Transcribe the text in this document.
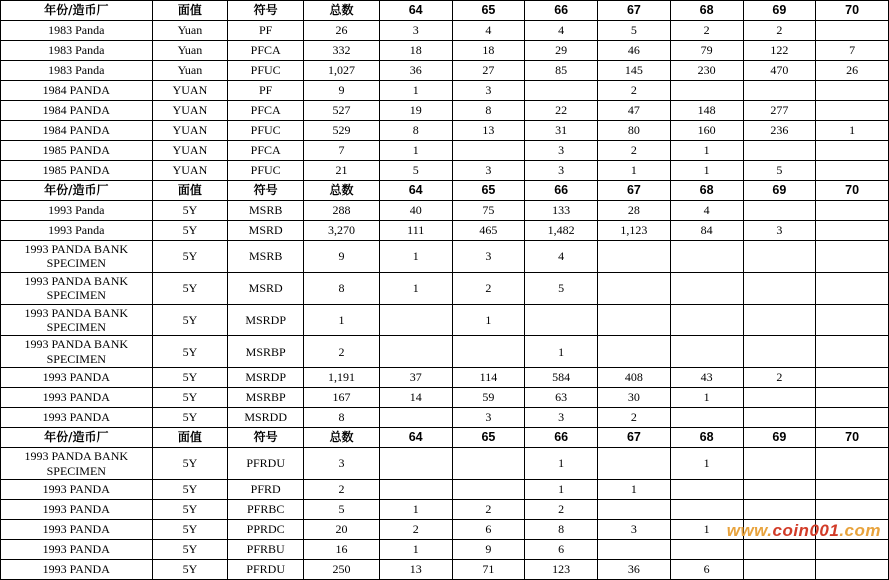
年份/造币厂	面值	符号	总数	64	65	66	67	68	69	70
1983 Panda	Yuan	PF	26	3	4	4	5	2	2	
1983 Panda	Yuan	PFCA	332	18	18	29	46	79	122	7
1983 Panda	Yuan	PFUC	1,027	36	27	85	145	230	470	26
1984 PANDA	YUAN	PF	9	1	3		2			
1984 PANDA	YUAN	PFCA	527	19	8	22	47	148	277	
1984 PANDA	YUAN	PFUC	529	8	13	31	80	160	236	1
1985 PANDA	YUAN	PFCA	7	1		3	2	1		
1985 PANDA	YUAN	PFUC	21	5	3	3	1	1	5	
年份/造币厂	面值	符号	总数	64	65	66	67	68	69	70
1993 Panda	5Y	MSRB	288	40	75	133	28	4		
1993 Panda	5Y	MSRD	3,270	111	465	1,482	1,123	84	3	
1993 PANDA BANK SPECIMEN	5Y	MSRB	9	1	3	4				
1993 PANDA BANK SPECIMEN	5Y	MSRD	8	1	2	5				
1993 PANDA BANK SPECIMEN	5Y	MSRDP	1		1					
1993 PANDA BANK SPECIMEN	5Y	MSRBP	2			1				
1993 PANDA	5Y	MSRDP	1,191	37	114	584	408	43	2	
1993 PANDA	5Y	MSRBP	167	14	59	63	30	1		
1993 PANDA	5Y	MSRDD	8		3	3	2			
年份/造币厂	面值	符号	总数	64	65	66	67	68	69	70
1993 PANDA BANK SPECIMEN	5Y	PFRDU	3			1		1		
1993 PANDA	5Y	PFRD	2			1	1			
1993 PANDA	5Y	PFRBC	5	1	2	2				
1993 PANDA	5Y	PPRDC	20	2	6	8	3	1		
1993 PANDA	5Y	PFRBU	16	1	9	6				
1993 PANDA	5Y	PFRDU	250	13	71	123	36	6		
www.coin001.com
